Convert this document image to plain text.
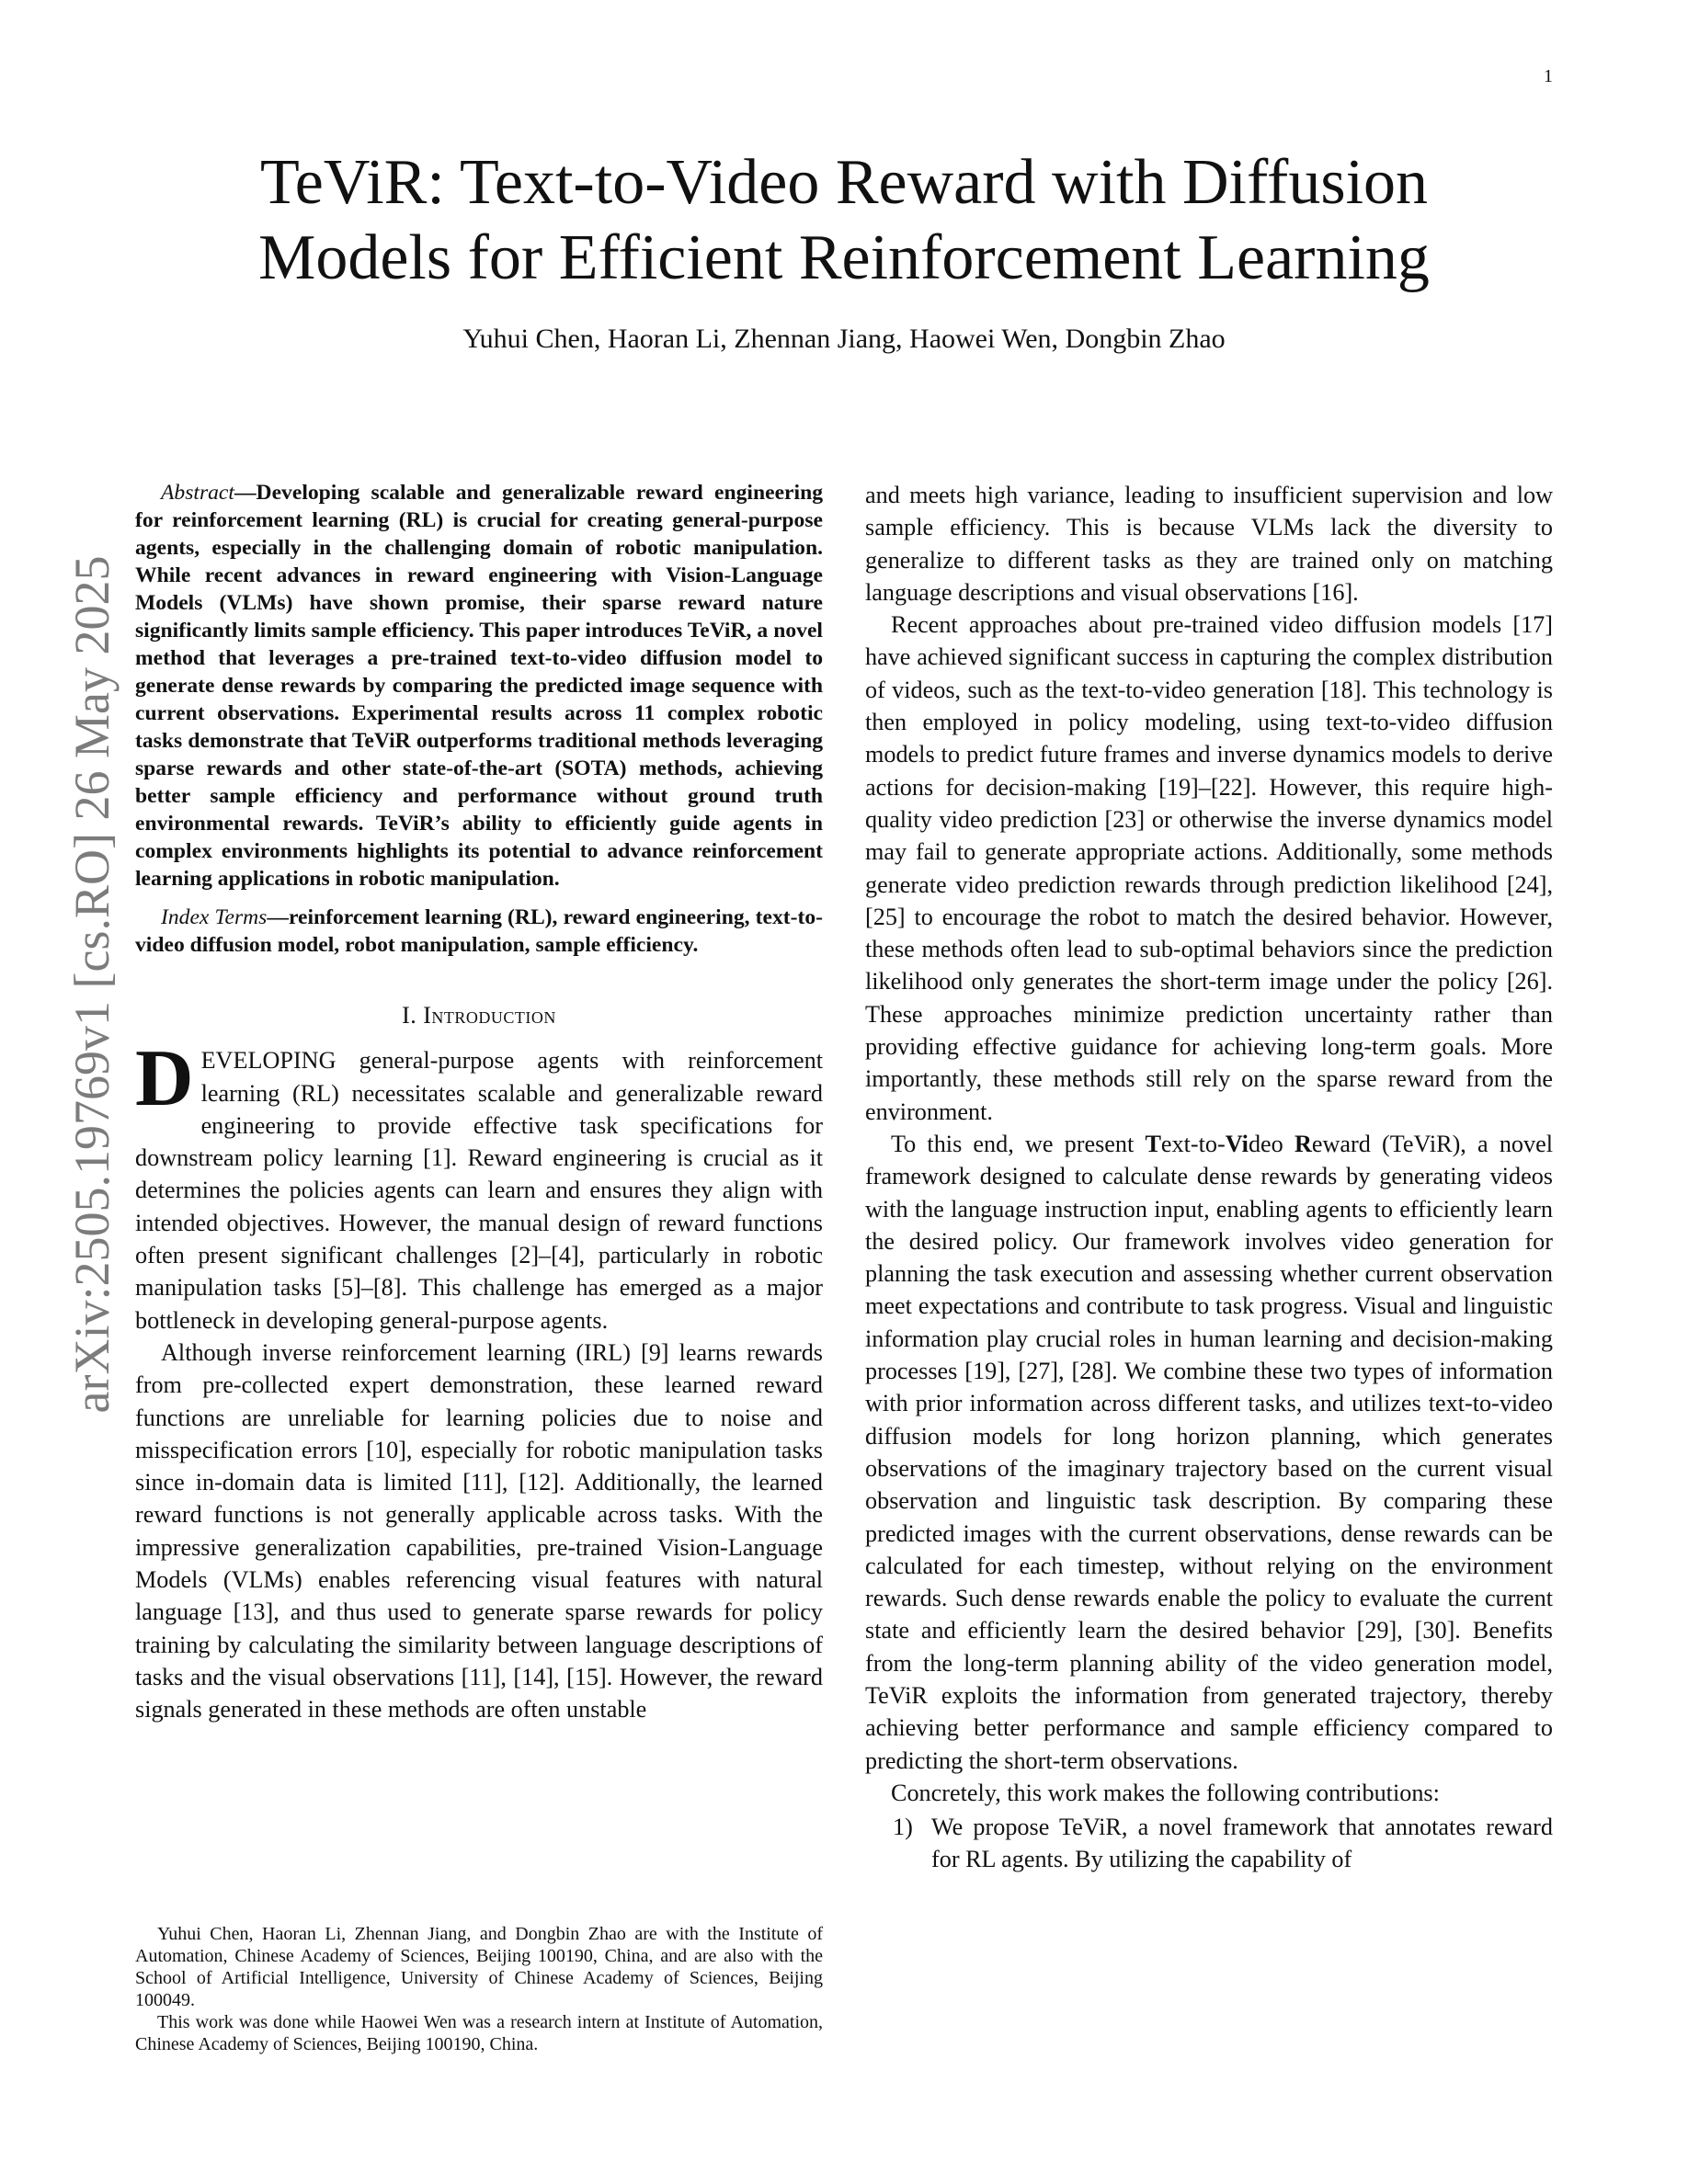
1
arXiv:2505.19769v1 [cs.RO] 26 May 2025
TeViR: Text-to-Video Reward with Diffusion Models for Efficient Reinforcement Learning
Yuhui Chen, Haoran Li, Zhennan Jiang, Haowei Wen, Dongbin Zhao

Abstract—Developing scalable and generalizable reward engineering for reinforcement learning (RL) is crucial for creating general-purpose agents, especially in the challenging domain of robotic manipulation. While recent advances in reward engineering with Vision-Language Models (VLMs) have shown promise, their sparse reward nature significantly limits sample efficiency. This paper introduces TeViR, a novel method that leverages a pre-trained text-to-video diffusion model to generate dense rewards by comparing the predicted image sequence with current observations. Experimental results across 11 complex robotic tasks demonstrate that TeViR outperforms traditional methods leveraging sparse rewards and other state-of-the-art (SOTA) methods, achieving better sample efficiency and performance without ground truth environmental rewards. TeViR’s ability to efficiently guide agents in complex environments highlights its potential to advance reinforcement learning applications in robotic manipulation.

Index Terms—reinforcement learning (RL), reward engineering, text-to-video diffusion model, robot manipulation, sample efficiency.

I. Introduction

DEVELOPING general-purpose agents with reinforcement learning (RL) necessitates scalable and generalizable reward engineering to provide effective task specifications for downstream policy learning [1]. Reward engineering is crucial as it determines the policies agents can learn and ensures they align with intended objectives. However, the manual design of reward functions often present significant challenges [2]–[4], particularly in robotic manipulation tasks [5]–[8]. This challenge has emerged as a major bottleneck in developing general-purpose agents.

Although inverse reinforcement learning (IRL) [9] learns rewards from pre-collected expert demonstration, these learned reward functions are unreliable for learning policies due to noise and misspecification errors [10], especially for robotic manipulation tasks since in-domain data is limited [11], [12]. Additionally, the learned reward functions is not generally applicable across tasks. With the impressive generalization capabilities, pre-trained Vision-Language Models (VLMs) enables referencing visual features with natural language [13], and thus used to generate sparse rewards for policy training by calculating the similarity between language descriptions of tasks and the visual observations [11], [14], [15]. However, the reward signals generated in these methods are often unstable

Yuhui Chen, Haoran Li, Zhennan Jiang, and Dongbin Zhao are with the Institute of Automation, Chinese Academy of Sciences, Beijing 100190, China, and are also with the School of Artificial Intelligence, University of Chinese Academy of Sciences, Beijing 100049.

This work was done while Haowei Wen was a research intern at Institute of Automation, Chinese Academy of Sciences, Beijing 100190, China.

and meets high variance, leading to insufficient supervision and low sample efficiency. This is because VLMs lack the diversity to generalize to different tasks as they are trained only on matching language descriptions and visual observations [16].

Recent approaches about pre-trained video diffusion models [17] have achieved significant success in capturing the complex distribution of videos, such as the text-to-video generation [18]. This technology is then employed in policy modeling, using text-to-video diffusion models to predict future frames and inverse dynamics models to derive actions for decision-making [19]–[22]. However, this require high-quality video prediction [23] or otherwise the inverse dynamics model may fail to generate appropriate actions. Additionally, some methods generate video prediction rewards through prediction likelihood [24], [25] to encourage the robot to match the desired behavior. However, these methods often lead to sub-optimal behaviors since the prediction likelihood only generates the short-term image under the policy [26]. These approaches minimize prediction uncertainty rather than providing effective guidance for achieving long-term goals. More importantly, these methods still rely on the sparse reward from the environment.

To this end, we present Text-to-Video Reward (TeViR), a novel framework designed to calculate dense rewards by generating videos with the language instruction input, enabling agents to efficiently learn the desired policy. Our framework involves video generation for planning the task execution and assessing whether current observation meet expectations and contribute to task progress. Visual and linguistic information play crucial roles in human learning and decision-making processes [19], [27], [28]. We combine these two types of information with prior information across different tasks, and utilizes text-to-video diffusion models for long horizon planning, which generates observations of the imaginary trajectory based on the current visual observation and linguistic task description. By comparing these predicted images with the current observations, dense rewards can be calculated for each timestep, without relying on the environment rewards. Such dense rewards enable the policy to evaluate the current state and efficiently learn the desired behavior [29], [30]. Benefits from the long-term planning ability of the video generation model, TeViR exploits the information from generated trajectory, thereby achieving better performance and sample efficiency compared to predicting the short-term observations.

Concretely, this work makes the following contributions:

1) We propose TeViR, a novel framework that annotates reward for RL agents. By utilizing the capability of
